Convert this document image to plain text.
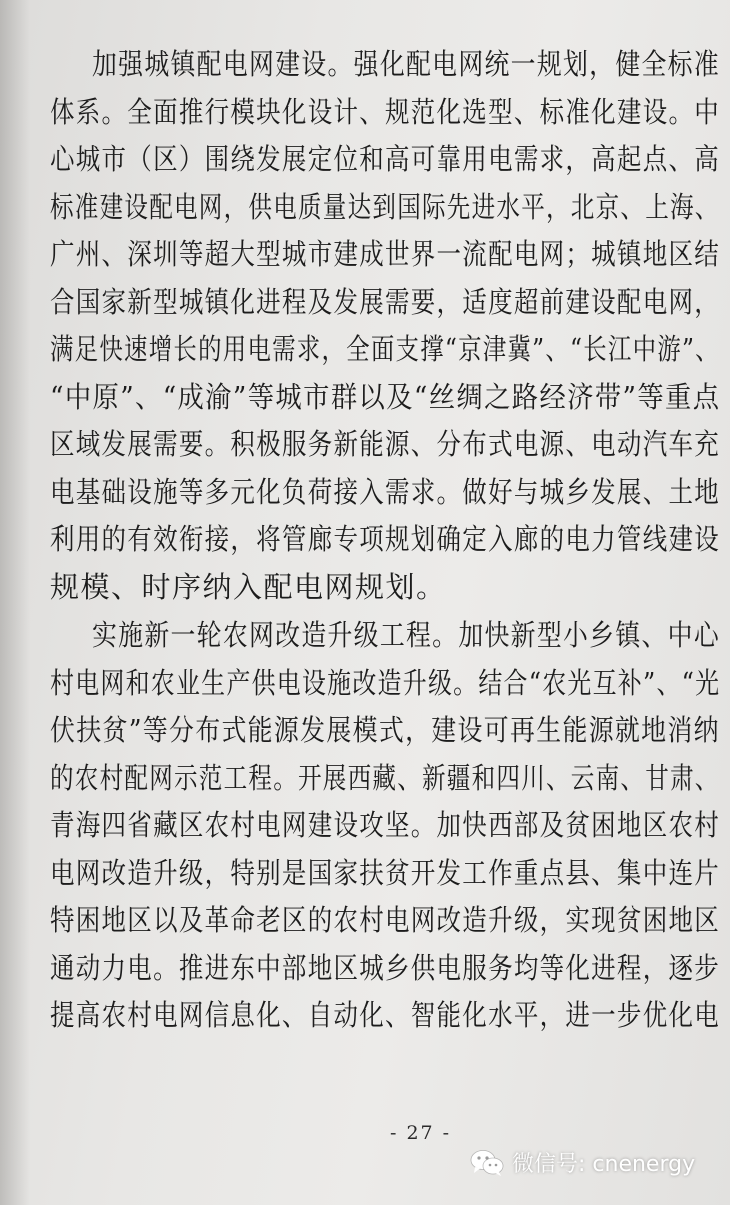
加强城镇配电网建设。强化配电网统一规划，健全标准
体系。全面推行模块化设计、规范化选型、标准化建设。中
心城市（区）围绕发展定位和高可靠用电需求，高起点、高
标准建设配电网，供电质量达到国际先进水平，北京、上海、
广州、深圳等超大型城市建成世界一流配电网；城镇地区结
合国家新型城镇化进程及发展需要，适度超前建设配电网，
满足快速增长的用电需求，全面支撑“京津冀”、“长江中游”、
“中原”、“成渝”等城市群以及“丝绸之路经济带”等重点
区域发展需要。积极服务新能源、分布式电源、电动汽车充
电基础设施等多元化负荷接入需求。做好与城乡发展、土地
利用的有效衔接，将管廊专项规划确定入廊的电力管线建设
规模、时序纳入配电网规划。
实施新一轮农网改造升级工程。加快新型小乡镇、中心
村电网和农业生产供电设施改造升级。结合“农光互补”、“光
伏扶贫”等分布式能源发展模式，建设可再生能源就地消纳
的农村配网示范工程。开展西藏、新疆和四川、云南、甘肃、
青海四省藏区农村电网建设攻坚。加快西部及贫困地区农村
电网改造升级，特别是国家扶贫开发工作重点县、集中连片
特困地区以及革命老区的农村电网改造升级，实现贫困地区
通动力电。推进东中部地区城乡供电服务均等化进程，逐步
提高农村电网信息化、自动化、智能化水平，进一步优化电
- 27 -
微信号: cnenergy
